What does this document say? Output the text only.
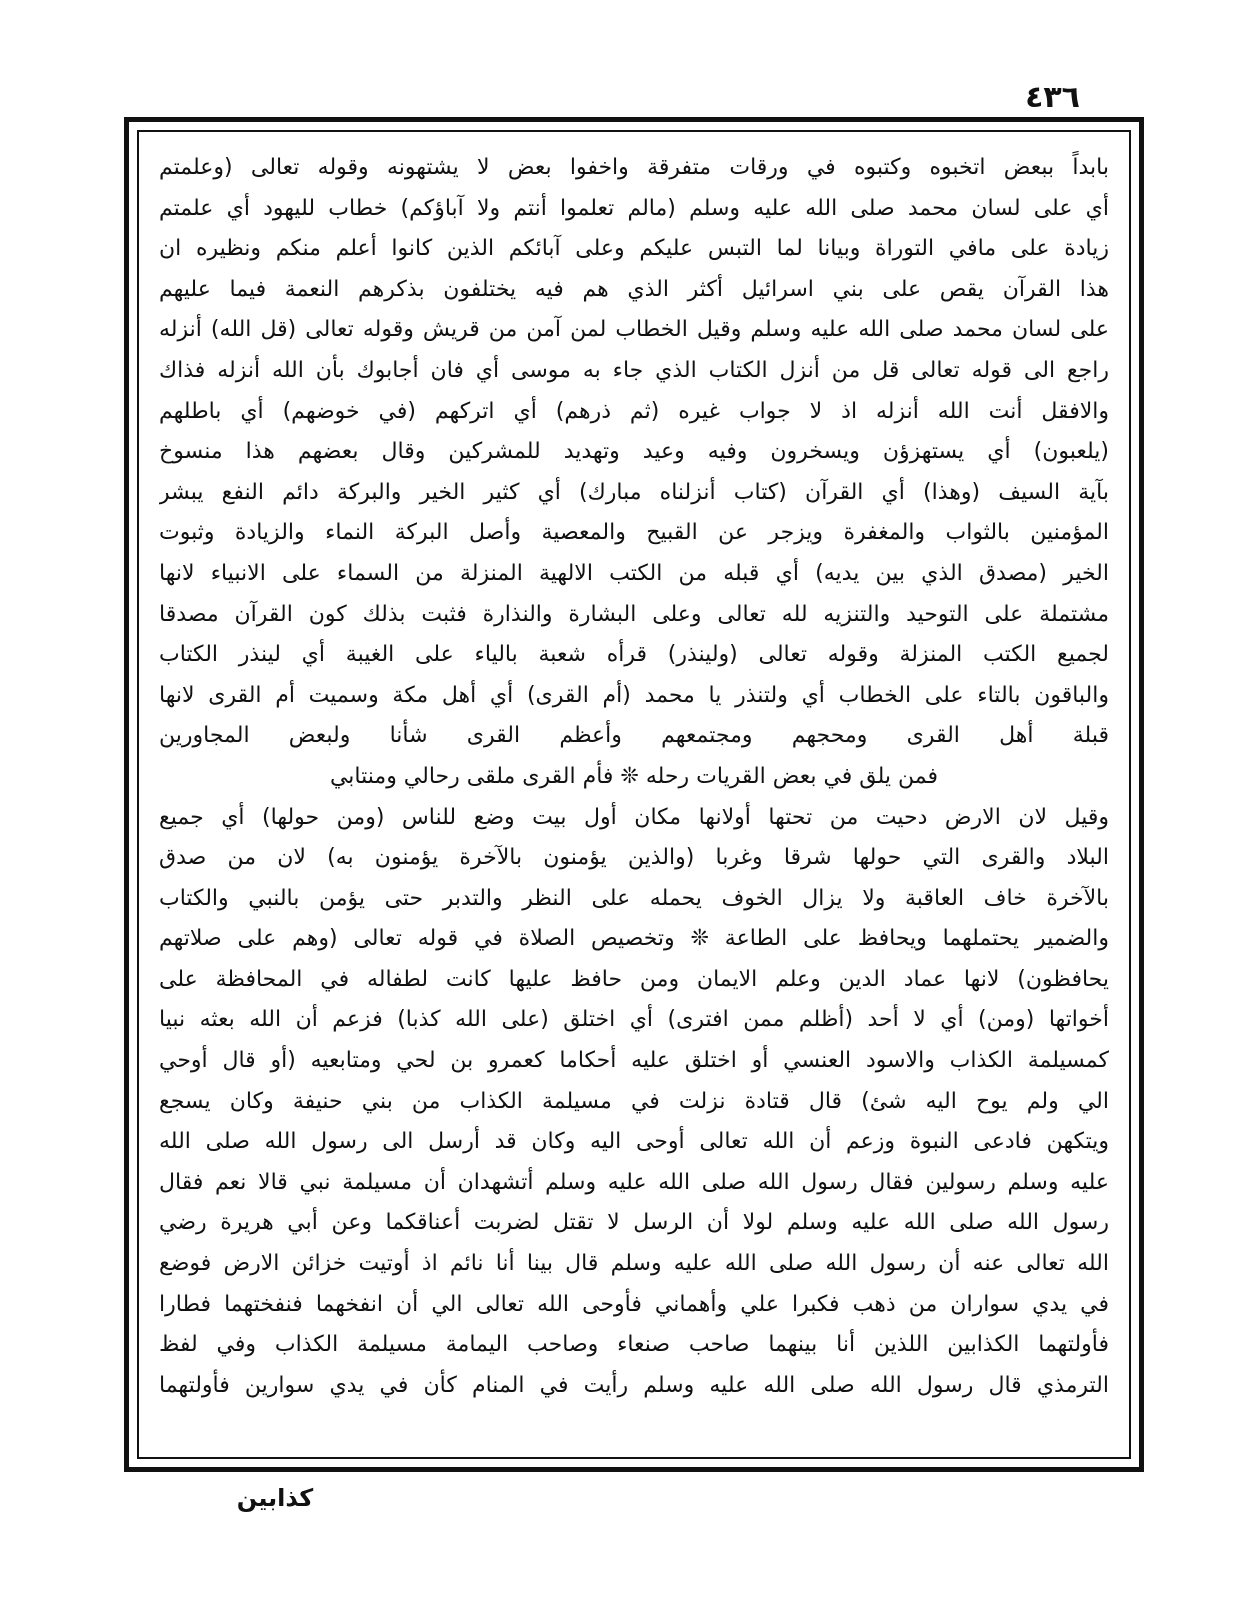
٤٣٦
بابداً ببعض اتخبوه وكتبوه في ورقات متفرقة واخفوا بعض لا يشتهونه وقوله تعالى (وعلمتم
أي على لسان محمد صلى الله عليه وسلم (مالم تعلموا أنتم ولا آباؤكم) خطاب لليهود أي علمتم
زيادة على مافي التوراة وبيانا لما التبس عليكم وعلى آبائكم الذين كانوا أعلم منكم ونظيره ان
هذا القرآن يقص على بني اسرائيل أكثر الذي هم فيه يختلفون بذكرهم النعمة فيما عليهم
على لسان محمد صلى الله عليه وسلم وقيل الخطاب لمن آمن من قريش وقوله تعالى (قل الله) أنزله
راجع الى قوله تعالى قل من أنزل الكتاب الذي جاء به موسى أي فان أجابوك بأن الله أنزله فذاك
والافقل أنت الله أنزله اذ لا جواب غيره (ثم ذرهم) أي اتركهم (في خوضهم) أي باطلهم
(يلعبون) أي يستهزؤن ويسخرون وفيه وعيد وتهديد للمشركين وقال بعضهم هذا منسوخ
بآية السيف (وهذا) أي القرآن (كتاب أنزلناه مبارك) أي كثير الخير والبركة دائم النفع يبشر
المؤمنين بالثواب والمغفرة ويزجر عن القبيح والمعصية وأصل البركة النماء والزيادة وثبوت
الخير (مصدق الذي بين يديه) أي قبله من الكتب الالهية المنزلة من السماء على الانبياء لانها
مشتملة على التوحيد والتنزيه لله تعالى وعلى البشارة والنذارة فثبت بذلك كون القرآن مصدقا
لجميع الكتب المنزلة وقوله تعالى (ولينذر) قرأه شعبة بالياء على الغيبة أي لينذر الكتاب
والباقون بالتاء على الخطاب أي ولتنذر يا محمد (أم القرى) أي أهل مكة وسميت أم القرى لانها
قبلة أهل القرى ومحجهم ومجتمعهم وأعظم القرى شأنا ولبعض المجاورين
فمن يلق في بعض القريات رحله ❊ فأم القرى ملقى رحالي ومنتابي
وقيل لان الارض دحيت من تحتها أولانها مكان أول بيت وضع للناس (ومن حولها) أي جميع
البلاد والقرى التي حولها شرقا وغربا (والذين يؤمنون بالآخرة يؤمنون به) لان من صدق
بالآخرة خاف العاقبة ولا يزال الخوف يحمله على النظر والتدبر حتى يؤمن بالنبي والكتاب
والضمير يحتملهما ويحافظ على الطاعة ❊ وتخصيص الصلاة في قوله تعالى (وهم على صلاتهم
يحافظون) لانها عماد الدين وعلم الايمان ومن حافظ عليها كانت لطفاله في المحافظة على
أخواتها (ومن) أي لا أحد (أظلم ممن افترى) أي اختلق (على الله كذبا) فزعم أن الله بعثه نبيا
كمسيلمة الكذاب والاسود العنسي أو اختلق عليه أحكاما كعمرو بن لحي ومتابعيه (أو قال أوحي
الي ولم يوح اليه شئ) قال قتادة نزلت في مسيلمة الكذاب من بني حنيفة وكان يسجع
ويتكهن فادعى النبوة وزعم أن الله تعالى أوحى اليه وكان قد أرسل الى رسول الله صلى الله
عليه وسلم رسولين فقال رسول الله صلى الله عليه وسلم أتشهدان أن مسيلمة نبي قالا نعم فقال
رسول الله صلى الله عليه وسلم لولا أن الرسل لا تقتل لضربت أعناقكما وعن أبي هريرة رضي
الله تعالى عنه أن رسول الله صلى الله عليه وسلم قال بينا أنا نائم اذ أوتيت خزائن الارض فوضع
في يدي سواران من ذهب فكبرا علي وأهماني فأوحى الله تعالى الي أن انفخهما فنفختهما فطارا
فأولتهما الكذابين اللذين أنا بينهما صاحب صنعاء وصاحب اليمامة مسيلمة الكذاب وفي لفظ
الترمذي قال رسول الله صلى الله عليه وسلم رأيت في المنام كأن في يدي سوارين فأولتهما
كذابين
